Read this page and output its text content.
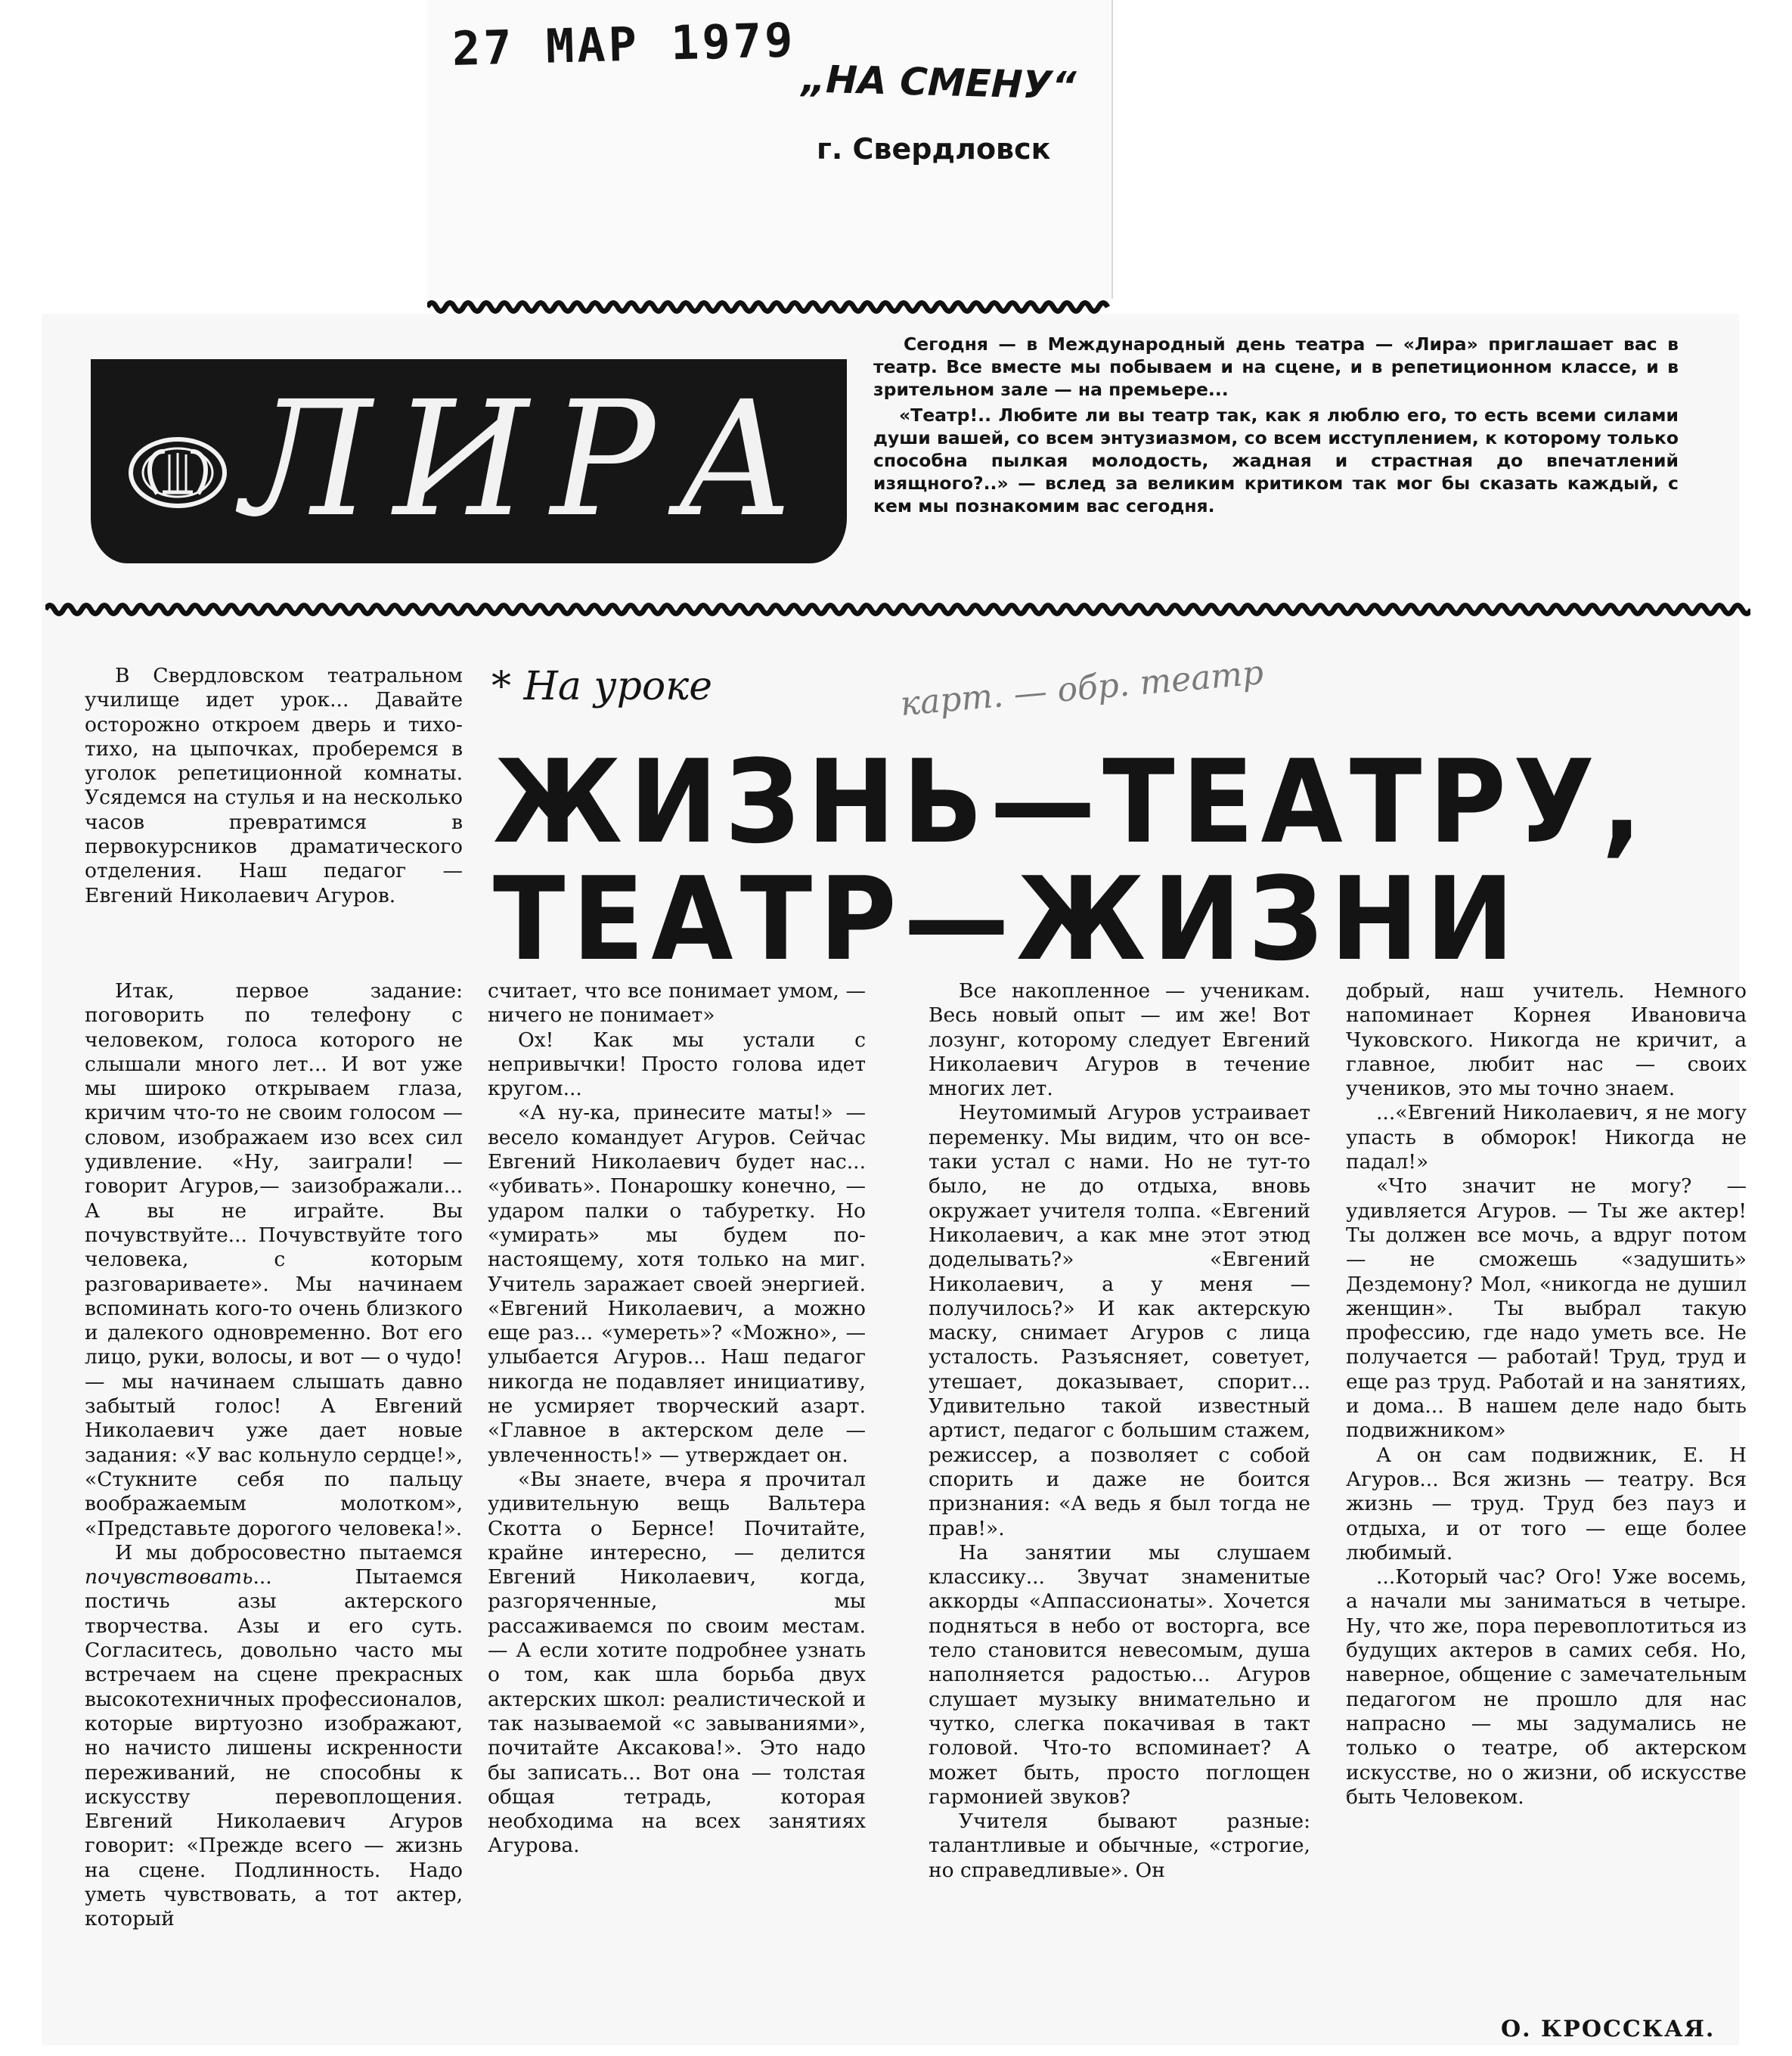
27 МАР 1979
„НА СМЕНУ“
г. Свердловск
ЛИРА

Сегодня — в Международный день театра — «Лира» приглашает вас в театр. Все вместе мы побываем и на сцене, и в репетиционном классе, и в зрительном зале — на премьере...

«Театр!.. Любите ли вы театр так, как я люблю его, то есть всеми силами души вашей, со всем энтузиазмом, со всем исступлением, к которому только способна пылкая молодость, жадная и страстная до впечатлений изящного?..» — вслед за великим критиком так мог бы сказать каждый, с кем мы познакомим вас сегодня.

* На уроке	карт. — обр. театр
ЖИЗНЬ—ТЕАТРУ,
ТЕАТР—ЖИЗНИ

В Свердловском театральном училище идет урок... Давайте осторожно откроем дверь и тихо-тихо, на цыпочках, проберемся в уголок репетиционной комнаты. Усядемся на стулья и на несколько часов превратимся в первокурсников драматического отделения. Наш педагог — Евгений Николаевич Агуров.

Итак, первое задание: поговорить по телефону с человеком, голоса которого не слышали много лет... И вот уже мы широко открываем глаза, кричим что-то не своим голосом — словом, изображаем изо всех сил удивление. «Ну, заиграли! — говорит Агуров,— заизображали... А вы не играйте. Вы почувствуйте... Почувствуйте того человека, с которым разговариваете». Мы начинаем вспоминать кого-то очень близкого и далекого одновременно. Вот его лицо, руки, волосы, и вот — о чудо! — мы начинаем слышать давно забытый голос! А Евгений Николаевич уже дает новые задания: «У вас кольнуло сердце!», «Стукните себя по пальцу воображаемым молотком», «Представьте дорогого человека!».

И мы добросовестно пытаемся почувствовать... Пытаемся постичь азы актерского творчества. Азы и его суть. Согласитесь, довольно часто мы встречаем на сцене прекрасных высокотехничных профессионалов, которые виртуозно изображают, но начисто лишены искренности переживаний, не способны к искусству перевоплощения. Евгений Николаевич Агуров говорит: «Прежде всего — жизнь на сцене. Подлинность. Надо уметь чувствовать, а тот актер, который

считает, что все понимает умом, — ничего не понимает»

Ох! Как мы устали с непривычки! Просто голова идет кругом...

«А ну-ка, принесите маты!» — весело командует Агуров. Сейчас Евгений Николаевич будет нас... «убивать». Понарошку конечно, — ударом палки о табуретку. Но «умирать» мы будем по-настоящему, хотя только на миг. Учитель заражает своей энергией. «Евгений Николаевич, а можно еще раз... «умереть»? «Можно», — улыбается Агуров... Наш педагог никогда не подавляет инициативу, не усмиряет творческий азарт. «Главное в актерском деле — увлеченность!» — утверждает он.

«Вы знаете, вчера я прочитал удивительную вещь Вальтера Скотта о Бернсе! Почитайте, крайне интересно, — делится Евгений Николаевич, когда, разгоряченные, мы рассаживаемся по своим местам. — А если хотите подробнее узнать о том, как шла борьба двух актерских школ: реалистической и так называемой «с завываниями», почитайте Аксакова!». Это надо бы записать... Вот она — толстая общая тетрадь, которая необходима на всех занятиях Агурова.

Все накопленное — ученикам. Весь новый опыт — им же! Вот лозунг, которому следует Евгений Николаевич Агуров в течение многих лет.

Неутомимый Агуров устраивает переменку. Мы видим, что он все-таки устал с нами. Но не тут-то было, не до отдыха, вновь окружает учителя толпа. «Евгений Николаевич, а как мне этот этюд доделывать?» «Евгений Николаевич, а у меня — получилось?» И как актерскую маску, снимает Агуров с лица усталость. Разъясняет, советует, утешает, доказывает, спорит... Удивительно такой известный артист, педагог с большим стажем, режиссер, а позволяет с собой спорить и даже не боится признания: «А ведь я был тогда не прав!».

На занятии мы слушаем классику... Звучат знаменитые аккорды «Аппассионаты». Хочется подняться в небо от восторга, все тело становится невесомым, душа наполняется радостью... Агуров слушает музыку внимательно и чутко, слегка покачивая в такт головой. Что-то вспоминает? А может быть, просто поглощен гармонией звуков?

Учителя бывают разные: талантливые и обычные, «строгие, но справедливые». Он

добрый, наш учитель. Немного напоминает Корнея Ивановича Чуковского. Никогда не кричит, а главное, любит нас — своих учеников, это мы точно знаем.

...«Евгений Николаевич, я не могу упасть в обморок! Никогда не падал!»

«Что значит не могу? — удивляется Агуров. — Ты же актер! Ты должен все мочь, а вдруг потом — не сможешь «задушить» Дездемону? Мол, «никогда не душил женщин». Ты выбрал такую профессию, где надо уметь все. Не получается — работай! Труд, труд и еще раз труд. Работай и на занятиях, и дома... В нашем деле надо быть подвижником»

А он сам подвижник, Е. Н Агуров... Вся жизнь — театру. Вся жизнь — труд. Труд без пауз и отдыха, и от того — еще более любимый.

...Который час? Ого! Уже восемь, а начали мы заниматься в четыре. Ну, что же, пора перевоплотиться из будущих актеров в самих себя. Но, наверное, общение с замечательным педагогом не прошло для нас напрасно — мы задумались не только о театре, об актерском искусстве, но о жизни, об искусстве быть Человеком.

О. КРОССКАЯ.
